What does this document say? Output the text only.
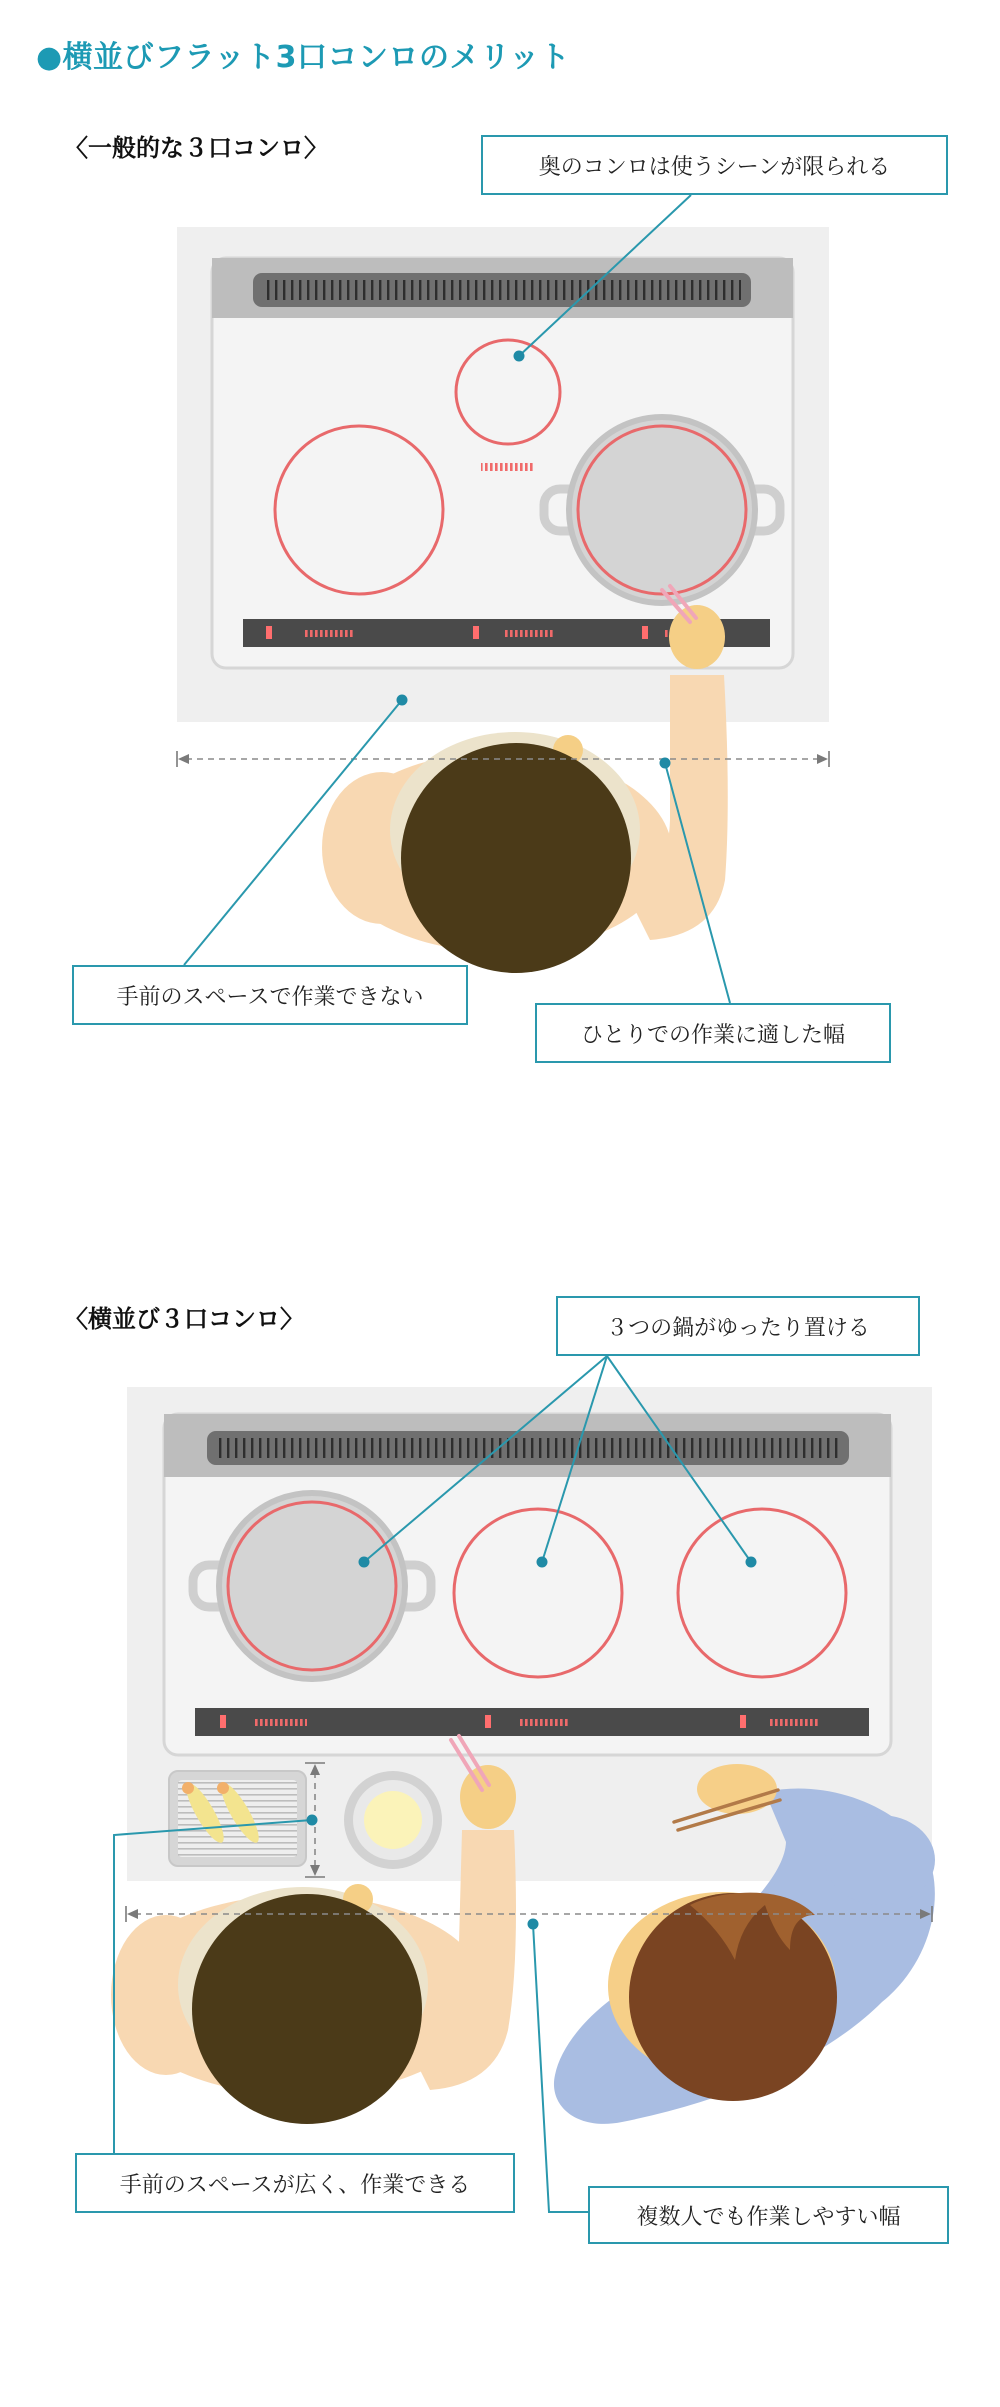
●横並びフラット3口コンロのメリット
〈一般的な３口コンロ〉
奥のコンロは使うシーンが限られる
手前のスペースで作業できない
ひとりでの作業に適した幅
〈横並び３口コンロ〉	３つの鍋がゆったり置ける
手前のスペースが広く、作業できる
複数人でも作業しやすい幅
